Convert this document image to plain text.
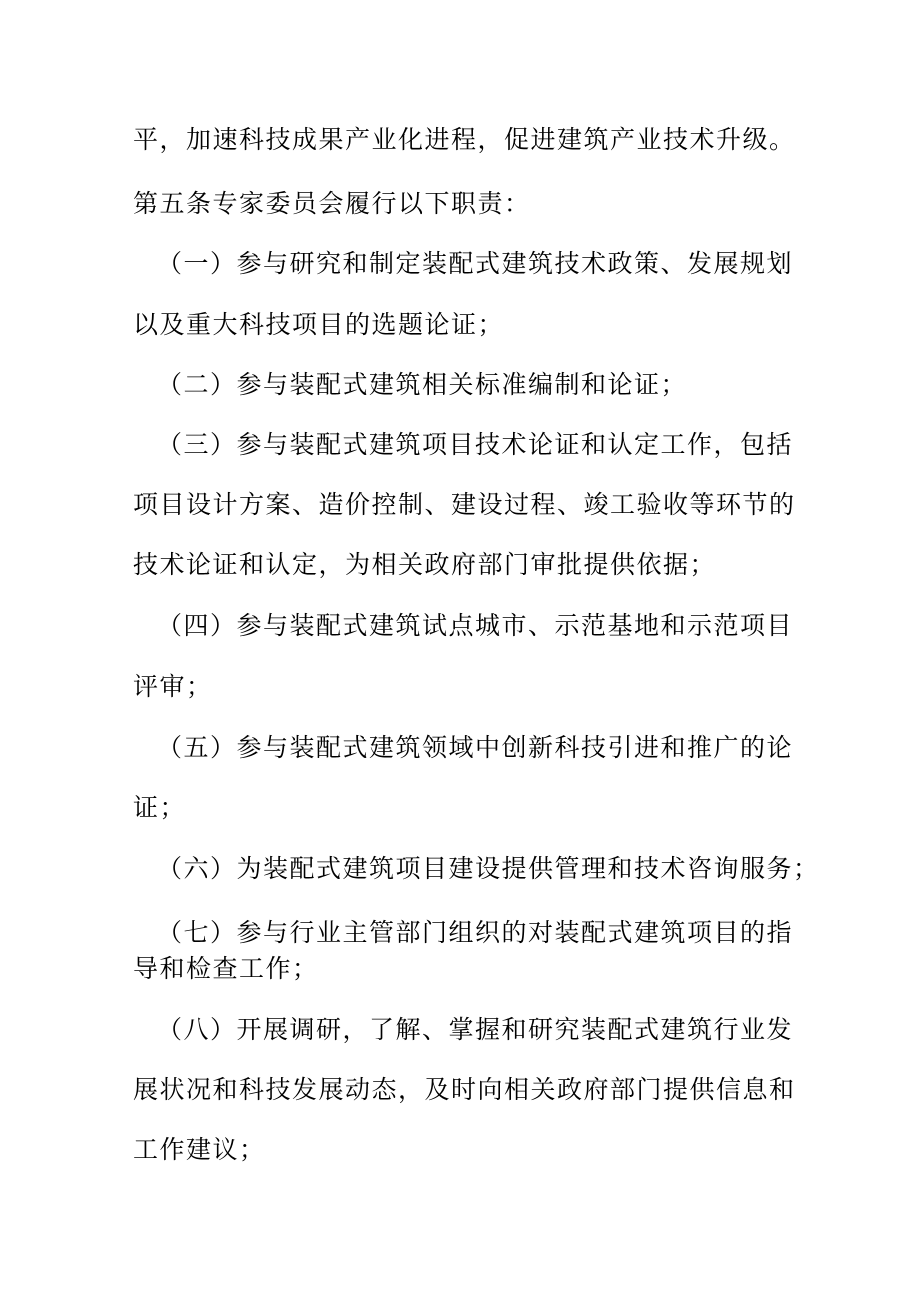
平，加速科技成果产业化进程，促进建筑产业技术升级。
第五条专家委员会履行以下职责：
（一）参与研究和制定装配式建筑技术政策、发展规划
以及重大科技项目的选题论证；
（二）参与装配式建筑相关标准编制和论证；
（三）参与装配式建筑项目技术论证和认定工作，包括
项目设计方案、造价控制、建设过程、竣工验收等环节的
技术论证和认定，为相关政府部门审批提供依据；
（四）参与装配式建筑试点城市、示范基地和示范项目
评审；
（五）参与装配式建筑领域中创新科技引进和推广的论
证；
（六）为装配式建筑项目建设提供管理和技术咨询服务；
（七）参与行业主管部门组织的对装配式建筑项目的指
导和检查工作；
（八）开展调研，了解、掌握和研究装配式建筑行业发
展状况和科技发展动态，及时向相关政府部门提供信息和
工作建议；
